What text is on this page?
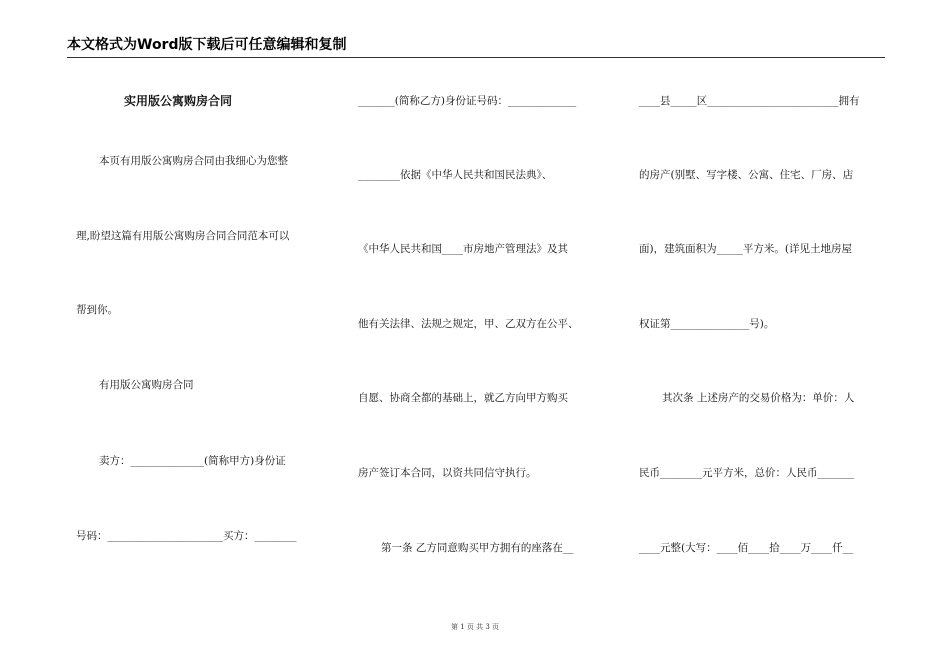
本文格式为Word版下载后可任意编辑和复制
实用版公寓购房合同
本页有用版公寓购房合同由我细心为您整
理,盼望这篇有用版公寓购房合同合同范本可以
帮到你。
有用版公寓购房合同
卖方：______________(简称甲方)身份证
号码：______________________买方：________
_______(简称乙方)身份证号码：_____________
________依据《中华人民共和国民法典》、
《中华人民共和国____市房地产管理法》及其
他有关法律、法规之规定，甲、乙双方在公平、
自愿、协商全都的基础上，就乙方向甲方购买
房产签订本合同，以资共同信守执行。
第一条 乙方同意购买甲方拥有的座落在__
____县_____区_________________________拥有
的房产(别墅、写字楼、公寓、住宅、厂房、店
面)，建筑面积为_____平方米。(详见土地房屋
权证第_______________号)。
其次条 上述房产的交易价格为：单价：人
民币________元平方米，总价：人民币_______
____元整(大写：____佰____拾____万____仟__
第 1 页 共 3 页
